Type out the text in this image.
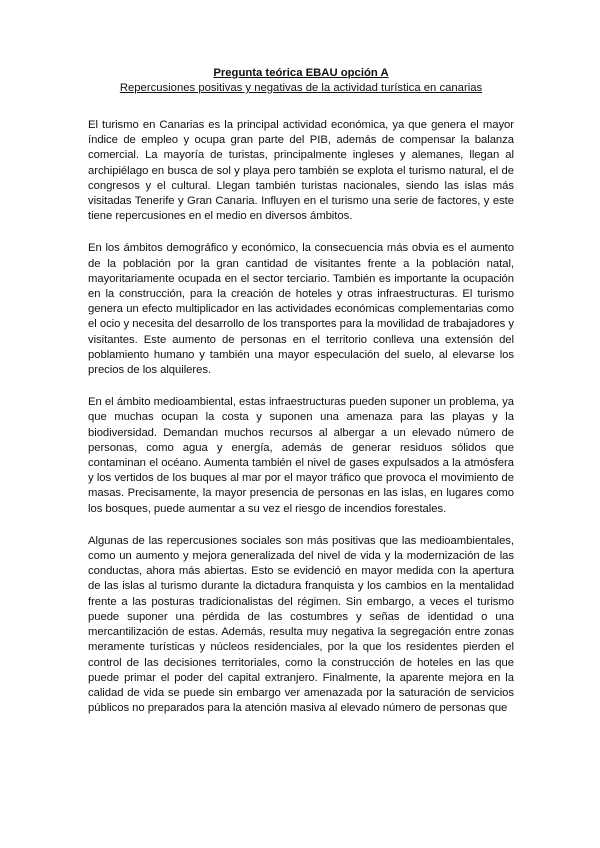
Pregunta teórica EBAU opción A

Repercusiones positivas y negativas de la actividad turística en canarias

El turismo en Canarias es la principal actividad económica, ya que genera el mayor índice de empleo y ocupa gran parte del PIB, además de compensar la balanza comercial. La mayoría de turistas, principalmente ingleses y alemanes, llegan al archipiélago en busca de sol y playa pero también se explota el turismo natural, el de congresos y el cultural. Llegan también turistas nacionales, siendo las islas más visitadas Tenerife y Gran Canaria. Influyen en el turismo una serie de factores, y este tiene repercusiones en el medio en diversos ámbitos.

En los ámbitos demográfico y económico, la consecuencia más obvia es el aumento de la población por la gran cantidad de visitantes frente a la población natal, mayoritariamente ocupada en el sector terciario. También es importante la ocupación en la construcción, para la creación de hoteles y otras infraestructuras. El turismo genera un efecto multiplicador en las actividades económicas complementarias como el ocio y necesita del desarrollo de los transportes para la movilidad de trabajadores y visitantes. Este aumento de personas en el territorio conlleva una extensión del poblamiento humano y también una mayor especulación del suelo, al elevarse los precios de los alquileres.

En el ámbito medioambiental, estas infraestructuras pueden suponer un problema, ya que muchas ocupan la costa y suponen una amenaza para las playas y la biodiversidad. Demandan muchos recursos al albergar a un elevado número de personas, como agua y energía, además de generar residuos sólidos que contaminan el océano. Aumenta también el nivel de gases expulsados a la atmósfera y los vertidos de los buques al mar por el mayor tráfico que provoca el movimiento de masas. Precisamente, la mayor presencia de personas en las islas, en lugares como los bosques, puede aumentar a su vez el riesgo de incendios forestales.

Algunas de las repercusiones sociales son más positivas que las medioambientales, como un aumento y mejora generalizada del nivel de vida y la modernización de las conductas, ahora más abiertas. Esto se evidenció en mayor medida con la apertura de las islas al turismo durante la dictadura franquista y los cambios en la mentalidad frente a las posturas tradicionalistas del régimen. Sin embargo, a veces el turismo puede suponer una pérdida de las costumbres y señas de identidad o una mercantilización de estas. Además, resulta muy negativa la segregación entre zonas meramente turísticas y núcleos residenciales, por la que los residentes pierden el control de las decisiones territoriales, como la construcción de hoteles en las que puede primar el poder del capital extranjero. Finalmente, la aparente mejora en la calidad de vida se puede sin embargo ver amenazada por la saturación de servicios públicos no preparados para la atención masiva al elevado número de personas que
